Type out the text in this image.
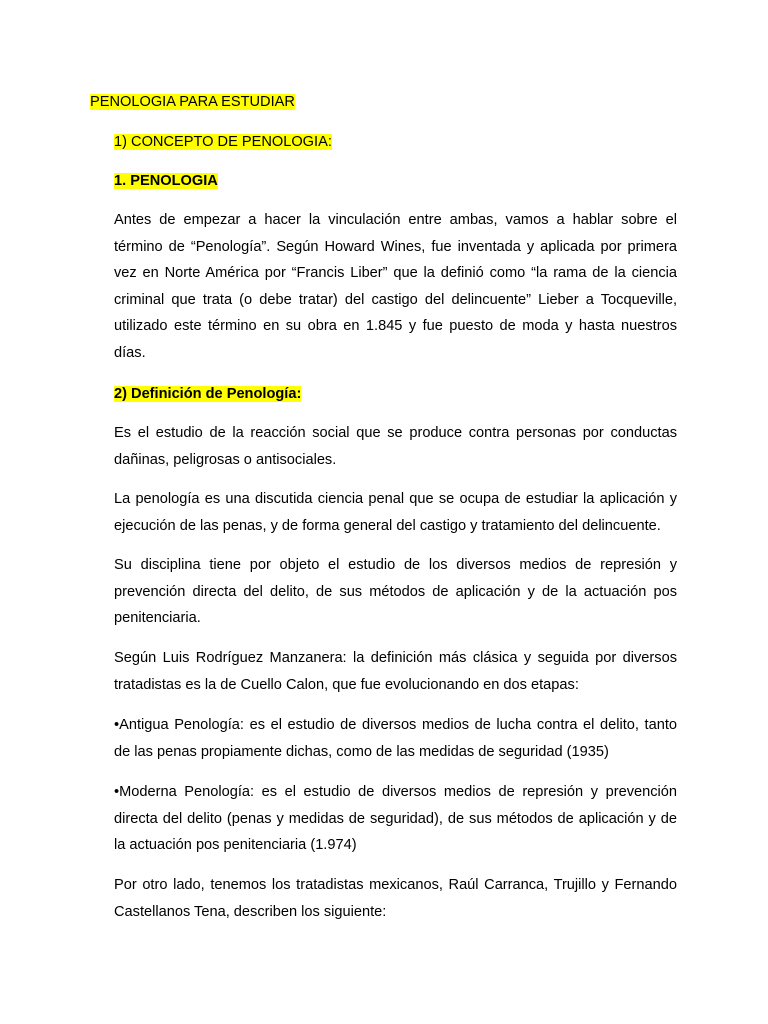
PENOLOGIA PARA ESTUDIAR
1) CONCEPTO DE PENOLOGIA:
1. PENOLOGIA

Antes de empezar a hacer la vinculación entre ambas, vamos a hablar sobre el término de “Penología”. Según Howard Wines, fue inventada y aplicada por primera vez en Norte América por “Francis Liber” que la definió como “la rama de la ciencia criminal que trata (o debe tratar) del castigo del delincuente” Lieber a Tocqueville, utilizado este término en su obra en 1.845 y fue puesto de moda y hasta nuestros días.

2) Definición de Penología:

Es el estudio de la reacción social que se produce contra personas por conductas dañinas, peligrosas o antisociales.

La penología es una discutida ciencia penal que se ocupa de estudiar la aplicación y ejecución de las penas, y de forma general del castigo y tratamiento del delincuente.

Su disciplina tiene por objeto el estudio de los diversos medios de represión y prevención directa del delito, de sus métodos de aplicación y de la actuación pos penitenciaria.

Según Luis Rodríguez Manzanera: la definición más clásica y seguida por diversos tratadistas es la de Cuello Calon, que fue evolucionando en dos etapas:

•Antigua Penología: es el estudio de diversos medios de lucha contra el delito, tanto de las penas propiamente dichas, como de las medidas de seguridad (1935)

•Moderna Penología: es el estudio de diversos medios de represión y prevención directa del delito (penas y medidas de seguridad), de sus métodos de aplicación y de la actuación pos penitenciaria (1.974)

Por otro lado, tenemos los tratadistas mexicanos, Raúl Carranca, Trujillo y Fernando Castellanos Tena, describen los siguiente:
